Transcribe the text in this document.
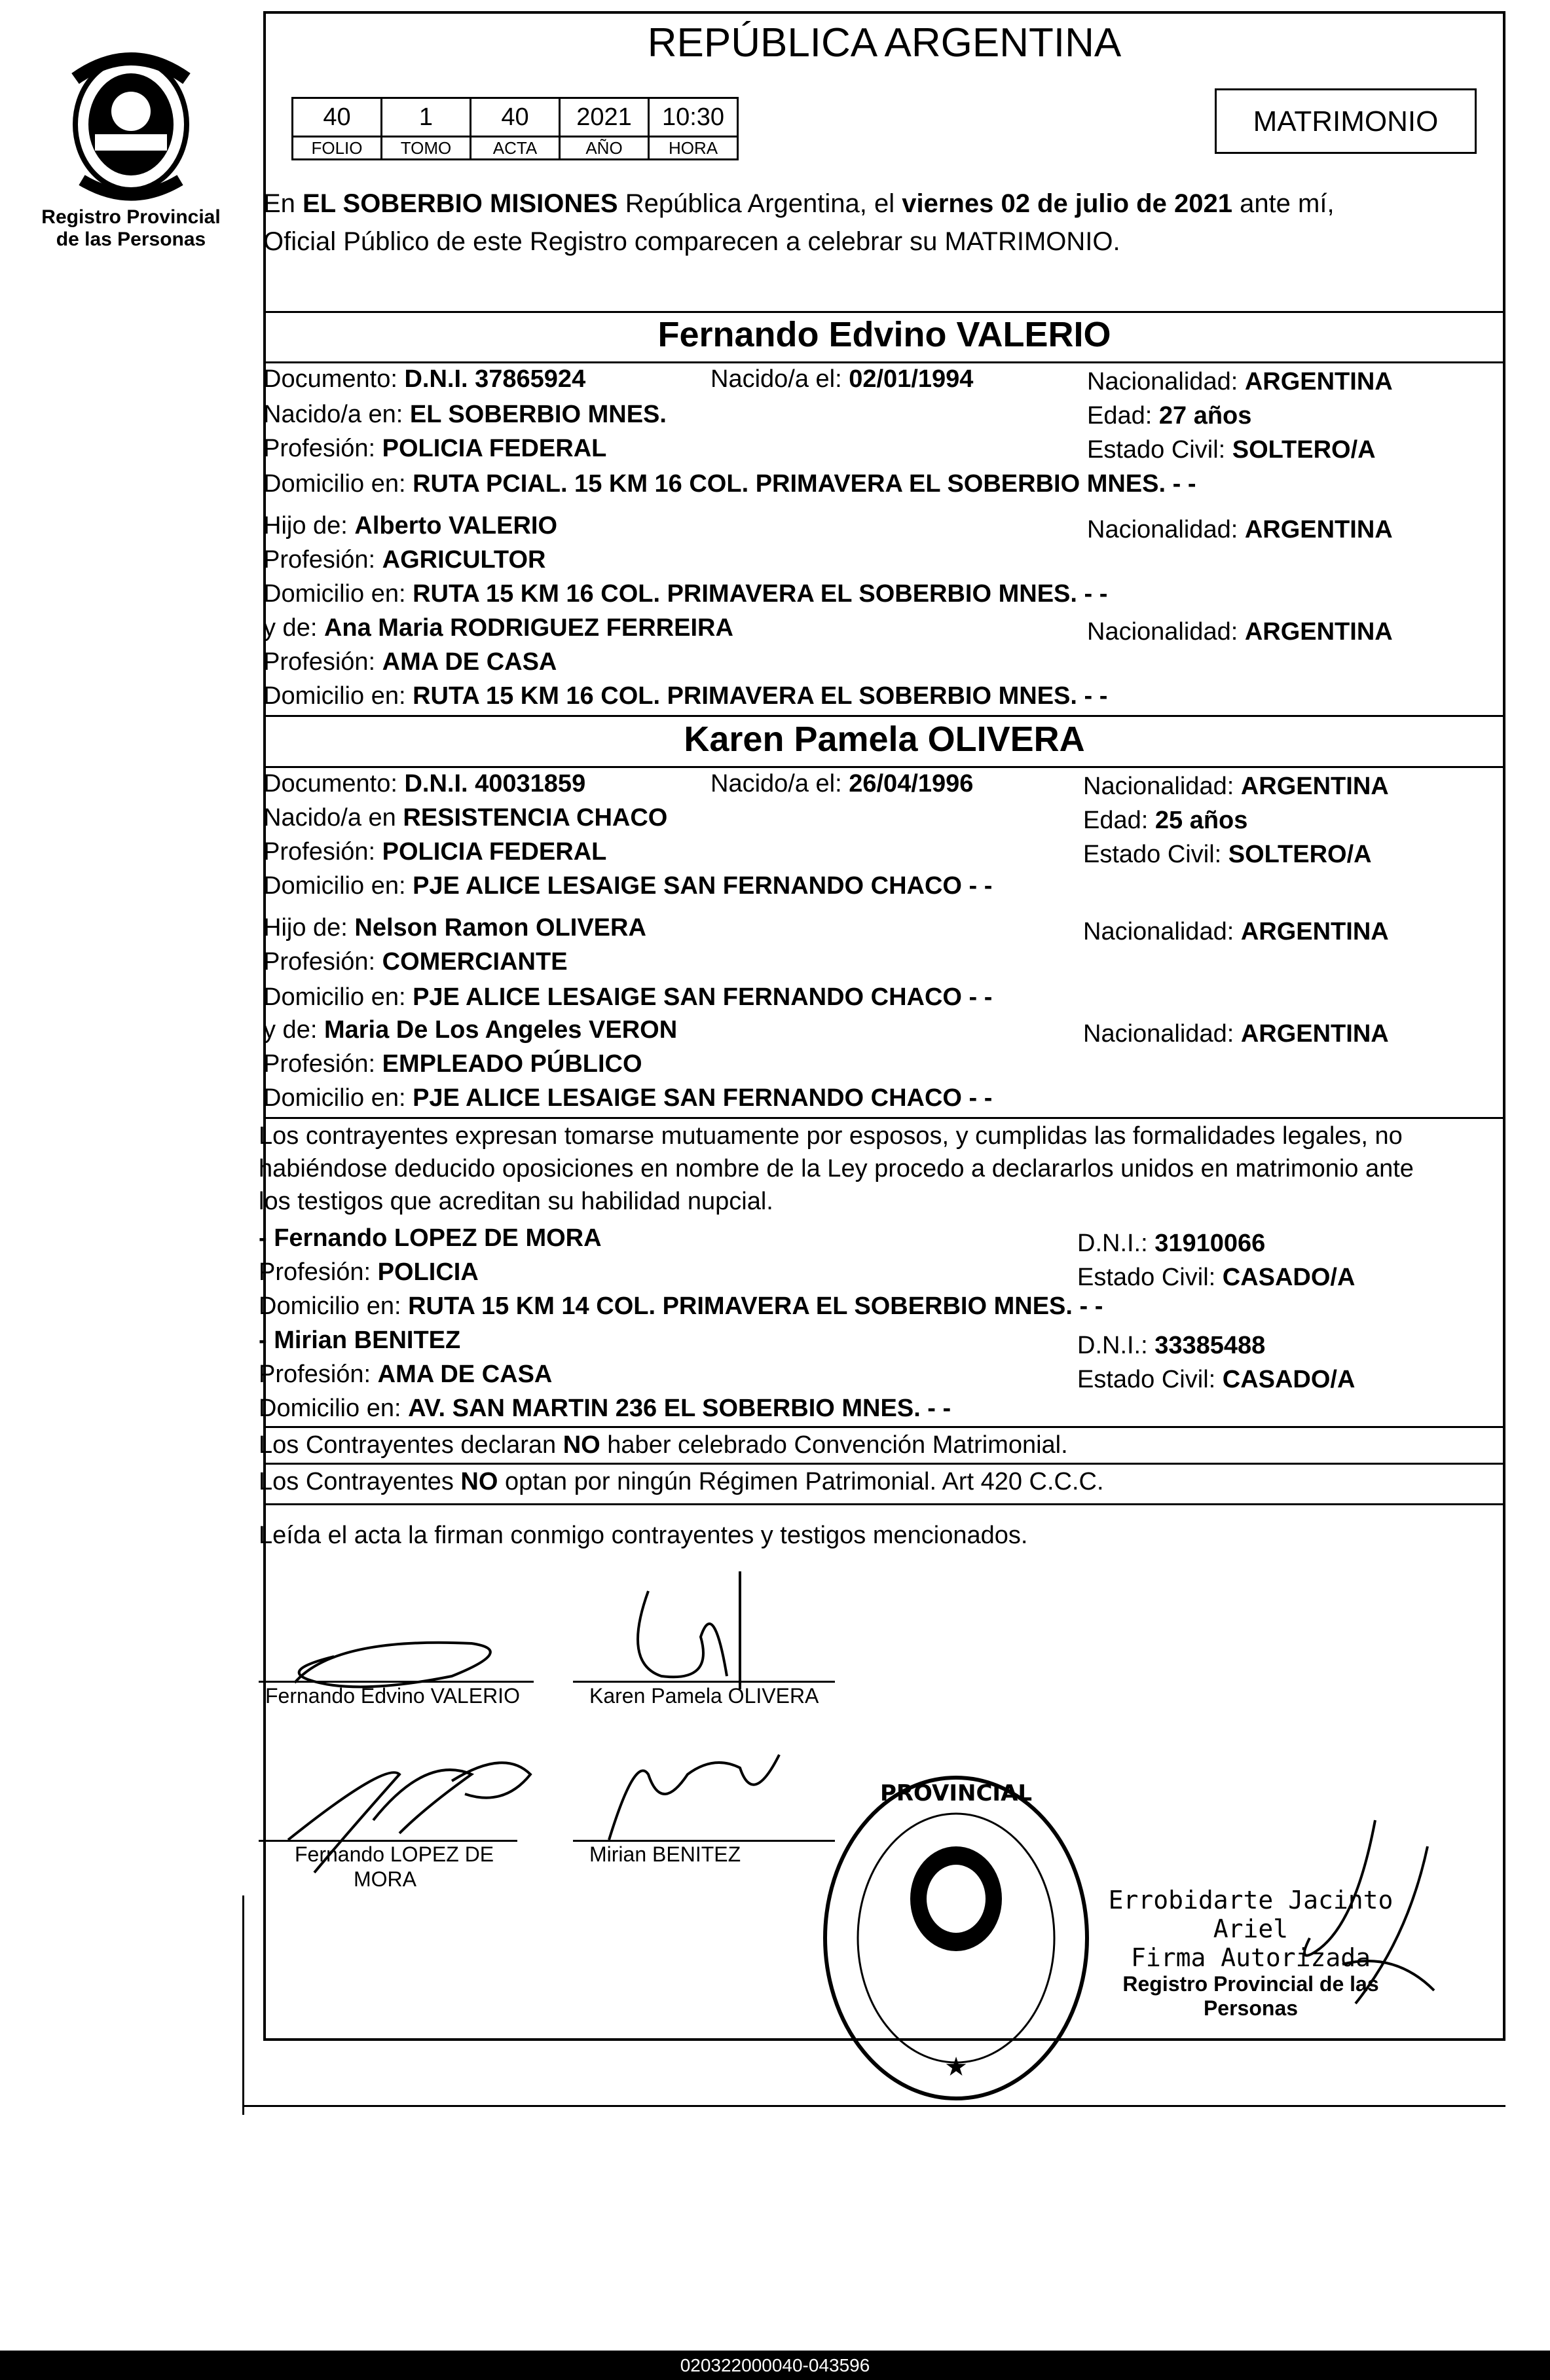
Registro Provincial
de las Personas
REPÚBLICA ARGENTINA
40	1	40	2021	10:30
FOLIO	TOMO	ACTA	AÑO	HORA
MATRIMONIO
En EL SOBERBIO MISIONES República Argentina, el viernes 02 de julio de 2021 ante mí,
Oficial Público de este Registro comparecen a celebrar su MATRIMONIO.
Fernando Edvino VALERIO
Documento: D.N.I. 37865924	Nacido/a el: 02/01/1994	Nacionalidad: ARGENTINA
Nacido/a en: EL SOBERBIO MNES.	Edad: 27 años
Profesión: POLICIA FEDERAL	Estado Civil: SOLTERO/A
Domicilio en: RUTA PCIAL. 15 KM 16 COL. PRIMAVERA EL SOBERBIO MNES. - -
Hijo de: Alberto VALERIO	Nacionalidad: ARGENTINA
Profesión: AGRICULTOR
Domicilio en: RUTA 15 KM 16 COL. PRIMAVERA EL SOBERBIO MNES. - -
y de: Ana Maria RODRIGUEZ FERREIRA	Nacionalidad: ARGENTINA
Profesión: AMA DE CASA
Domicilio en: RUTA 15 KM 16 COL. PRIMAVERA EL SOBERBIO MNES. - -
Karen Pamela OLIVERA
Documento: D.N.I. 40031859	Nacido/a el: 26/04/1996	Nacionalidad: ARGENTINA
Nacido/a en RESISTENCIA CHACO	Edad: 25 años
Profesión: POLICIA FEDERAL	Estado Civil: SOLTERO/A
Domicilio en: PJE ALICE LESAIGE SAN FERNANDO CHACO - -
Hijo de: Nelson Ramon OLIVERA	Nacionalidad: ARGENTINA
Profesión: COMERCIANTE
Domicilio en: PJE ALICE LESAIGE SAN FERNANDO CHACO - -
y de: Maria De Los Angeles VERON	Nacionalidad: ARGENTINA
Profesión: EMPLEADO PÚBLICO
Domicilio en: PJE ALICE LESAIGE SAN FERNANDO CHACO - -
Los contrayentes expresan tomarse mutuamente por esposos, y cumplidas las formalidades legales, no
habiéndose deducido oposiciones en nombre de la Ley procedo a declararlos unidos en matrimonio ante
los testigos que acreditan su habilidad nupcial.
- Fernando LOPEZ DE MORA	D.N.I.: 31910066
Profesión: POLICIA	Estado Civil: CASADO/A
Domicilio en: RUTA 15 KM 14 COL. PRIMAVERA EL SOBERBIO MNES. - -
- Mirian BENITEZ	D.N.I.: 33385488
Profesión: AMA DE CASA	Estado Civil: CASADO/A
Domicilio en: AV. SAN MARTIN 236 EL SOBERBIO MNES. - -
Los Contrayentes declaran NO haber celebrado Convención Matrimonial.
Los Contrayentes NO optan por ningún Régimen Patrimonial. Art 420 C.C.C.
Leída el acta la firman conmigo contrayentes y testigos mencionados.
Fernando Edvino VALERIO	Karen Pamela OLIVERA
Fernando LOPEZ DE
MORA
Mirian BENITEZ
PROVINCIAL
★
Errobidarte Jacinto Ariel
Firma Autorizada
Registro Provincial de las Personas
020322000040-043596
